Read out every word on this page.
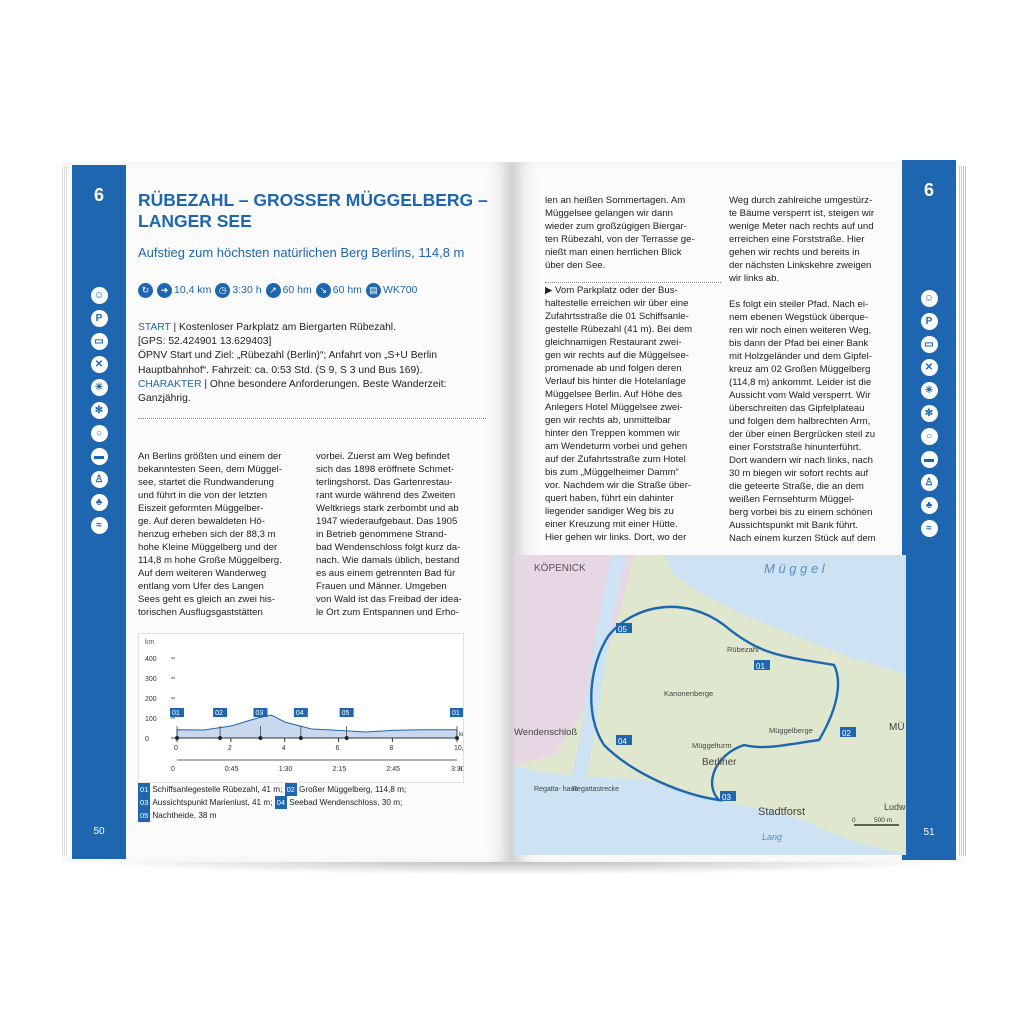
6
☺
P
▭
✕
☀
✻
○
▬
♙
♣
≈
50
6
☺
P
▭
✕
☀
✻
○
▬
♙
♣
≈
51
RÜBEZAHL – GROSSER MÜGGELBERG –
LANGER SEE
Aufstieg zum höchsten natürlichen Berg Berlins, 114,8 m
↻	➜ 10,4 km ◷ 3:30 h ↗ 60 hm ↘ 60 hm ▤ WK700
START | Kostenloser Parkplatz am Biergarten Rübezahl.
[GPS: 52.424901 13.629403]
ÖPNV Start und Ziel: „Rübezahl (Berlin)“; Anfahrt von „S+U Berlin
Hauptbahnhof“. Fahrzeit: ca. 0:53 Std. (S 9, S 3 und Bus 169).
CHARAKTER | Ohne besondere Anforderungen. Beste Wanderzeit:
Ganzjährig.
An Berlins größten und einem der
bekanntesten Seen, dem Müggel-
see, startet die Rundwanderung
und führt in die von der letzten
Eiszeit geformten Müggelber-
ge. Auf deren bewaldeten Hö-
henzug erheben sich der 88,3 m
hohe Kleine Müggelberg und der
114,8 m hohe Große Müggelberg.
Auf dem weiteren Wanderweg
entlang vom Ufer des Langen
Sees geht es gleich an zwei his-
torischen Ausflugsgaststätten
vorbei. Zuerst am Weg befindet
sich das 1898 eröffnete Schmet-
terlingshorst. Das Gartenrestau-
rant wurde während des Zweiten
Weltkriegs stark zerbombt und ab
1947 wiederaufgebaut. Das 1905
in Betrieb genommene Strand-
bad Wendenschloss folgt kurz da-
nach. Wie damals üblich, bestand
es aus einem getrennten Bad für
Frauen und Männer. Umgeben
von Wald ist das Freibad der ideа-
le Ort zum Entspannen und Erho-
km
400
300
200
100
0
0
0
2
0:45
4
1:30
6
2:15
8
2:45
10
3:30
k
h
01	02	03	04	05	01
01 Schiffsanlegestelle Rübezahl, 41 m; 02 Großer Müggelberg, 114,8 m;
03 Aussichtspunkt Marienlust, 41 m; 04 Seebad Wendenschloss, 30 m;
05 Nachtheide, 38 m
len an heißen Sommertagen. Am
Müggelsee gelangen wir dann
wieder zum großzügigen Biergar-
ten Rübezahl, von der Terrasse ge-
nießt man einen herrlichen Blick
über den See.
▶ Vom Parkplatz oder der Bus-
haltestelle erreichen wir über eine
Zufahrtsstraße die 01 Schiffsanle-
gestelle Rübezahl (41 m). Bei dem
gleichnamigen Restaurant zwei-
gen wir rechts auf die Müggelsee-
promenade ab und folgen deren
Verlauf bis hinter die Hotelanlage
Müggelsee Berlin. Auf Höhe des
Anlegers Hotel Müggelsee zwei-
gen wir rechts ab, unmittelbar
hinter den Treppen kommen wir
am Wendeturm vorbei und gehen
auf der Zufahrtsstraße zum Hotel
bis zum „Müggelheimer Damm“
vor. Nachdem wir die Straße über-
quert haben, führt ein dahinter
liegender sandiger Weg bis zu
einer Kreuzung mit einer Hütte.
Hier gehen wir links. Dort, wo der
Weg durch zahlreiche umgestürz-
te Bäume versperrt ist, steigen wir
wenige Meter nach rechts auf und
erreichen eine Forststraße. Hier
gehen wir rechts und bereits in
der nächsten Linkskehre zweigen
wir links ab.

Es folgt ein steiler Pfad. Nach ei-
nem ebenen Wegstück überque-
ren wir noch einen weiteren Weg,
bis dann der Pfad bei einer Bank
mit Holzgeländer und dem Gipfel-
kreuz am 02 Großen Müggelberg
(114,8 m) ankommt. Leider ist die
Aussicht vom Wald versperrt. Wir
überschreiten das Gipfelplateau
und folgen dem halbrechten Arm,
der über einen Bergrücken steil zu
einer Forststraße hinunterführt.
Dort wandern wir nach links, nach
30 m biegen wir sofort rechts auf
die geteerte Straße, die an dem
weißen Fernsehturm Müggel-
berg vorbei bis zu einem schönen
Aussichtspunkt mit Bank führt.
Nach einem kurzen Stück auf dem
01
02
03
04
05
KÖPENICK	M ü g g e l
Wendenschloß
Berliner
Stadtforst
Kanonenberge
Müggelturm
Müggelberge
Rübezahl
Regattastrecke
Regatta- haus
MÜ
Ludw
Lang
0	500 m
